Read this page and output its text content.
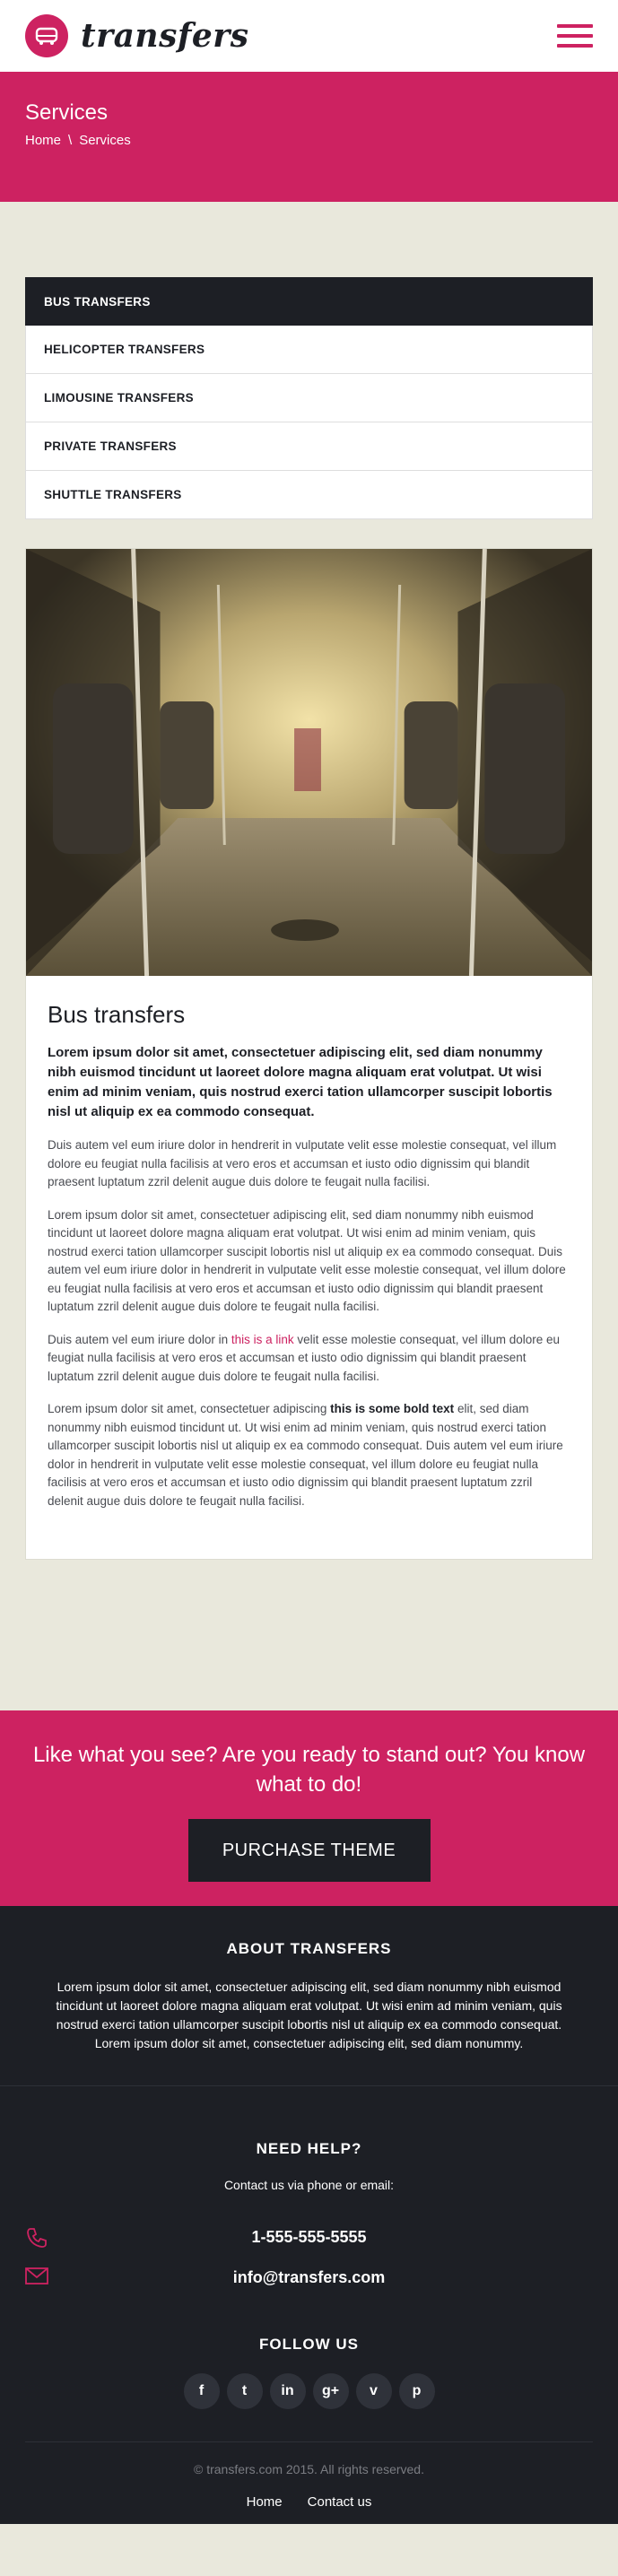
transfers
Services
Home \ Services
BUS TRANSFERS
HELICOPTER TRANSFERS
LIMOUSINE TRANSFERS
PRIVATE TRANSFERS
SHUTTLE TRANSFERS
Bus transfers

Lorem ipsum dolor sit amet, consectetuer adipiscing elit, sed diam nonummy nibh euismod tincidunt ut laoreet dolore magna aliquam erat volutpat. Ut wisi enim ad minim veniam, quis nostrud exerci tation ullamcorper suscipit lobortis nisl ut aliquip ex ea commodo consequat.

Duis autem vel eum iriure dolor in hendrerit in vulputate velit esse molestie consequat, vel illum dolore eu feugiat nulla facilisis at vero eros et accumsan et iusto odio dignissim qui blandit praesent luptatum zzril delenit augue duis dolore te feugait nulla facilisi.

Lorem ipsum dolor sit amet, consectetuer adipiscing elit, sed diam nonummy nibh euismod tincidunt ut laoreet dolore magna aliquam erat volutpat. Ut wisi enim ad minim veniam, quis nostrud exerci tation ullamcorper suscipit lobortis nisl ut aliquip ex ea commodo consequat. Duis autem vel eum iriure dolor in hendrerit in vulputate velit esse molestie consequat, vel illum dolore eu feugiat nulla facilisis at vero eros et accumsan et iusto odio dignissim qui blandit praesent luptatum zzril delenit augue duis dolore te feugait nulla facilisi.

Duis autem vel eum iriure dolor in this is a link velit esse molestie consequat, vel illum dolore eu feugiat nulla facilisis at vero eros et accumsan et iusto odio dignissim qui blandit praesent luptatum zzril delenit augue duis dolore te feugait nulla facilisi.

Lorem ipsum dolor sit amet, consectetuer adipiscing this is some bold text elit, sed diam nonummy nibh euismod tincidunt ut. Ut wisi enim ad minim veniam, quis nostrud exerci tation ullamcorper suscipit lobortis nisl ut aliquip ex ea commodo consequat. Duis autem vel eum iriure dolor in hendrerit in vulputate velit esse molestie consequat, vel illum dolore eu feugiat nulla facilisis at vero eros et accumsan et iusto odio dignissim qui blandit praesent luptatum zzril delenit augue duis dolore te feugait nulla facilisi.

Like what you see? Are you ready to stand out? You know what to do!

PURCHASE THEME
ABOUT TRANSFERS

Lorem ipsum dolor sit amet, consectetuer adipiscing elit, sed diam nonummy nibh euismod tincidunt ut laoreet dolore magna aliquam erat volutpat. Ut wisi enim ad minim veniam, quis nostrud exerci tation ullamcorper suscipit lobortis nisl ut aliquip ex ea commodo consequat. Lorem ipsum dolor sit amet, consectetuer adipiscing elit, sed diam nonummy.

NEED HELP?

Contact us via phone or email:

1-555-555-5555
info@transfers.com
FOLLOW US
f	t	in	g+	v	p

© transfers.com 2015. All rights reserved.

Home Contact us
